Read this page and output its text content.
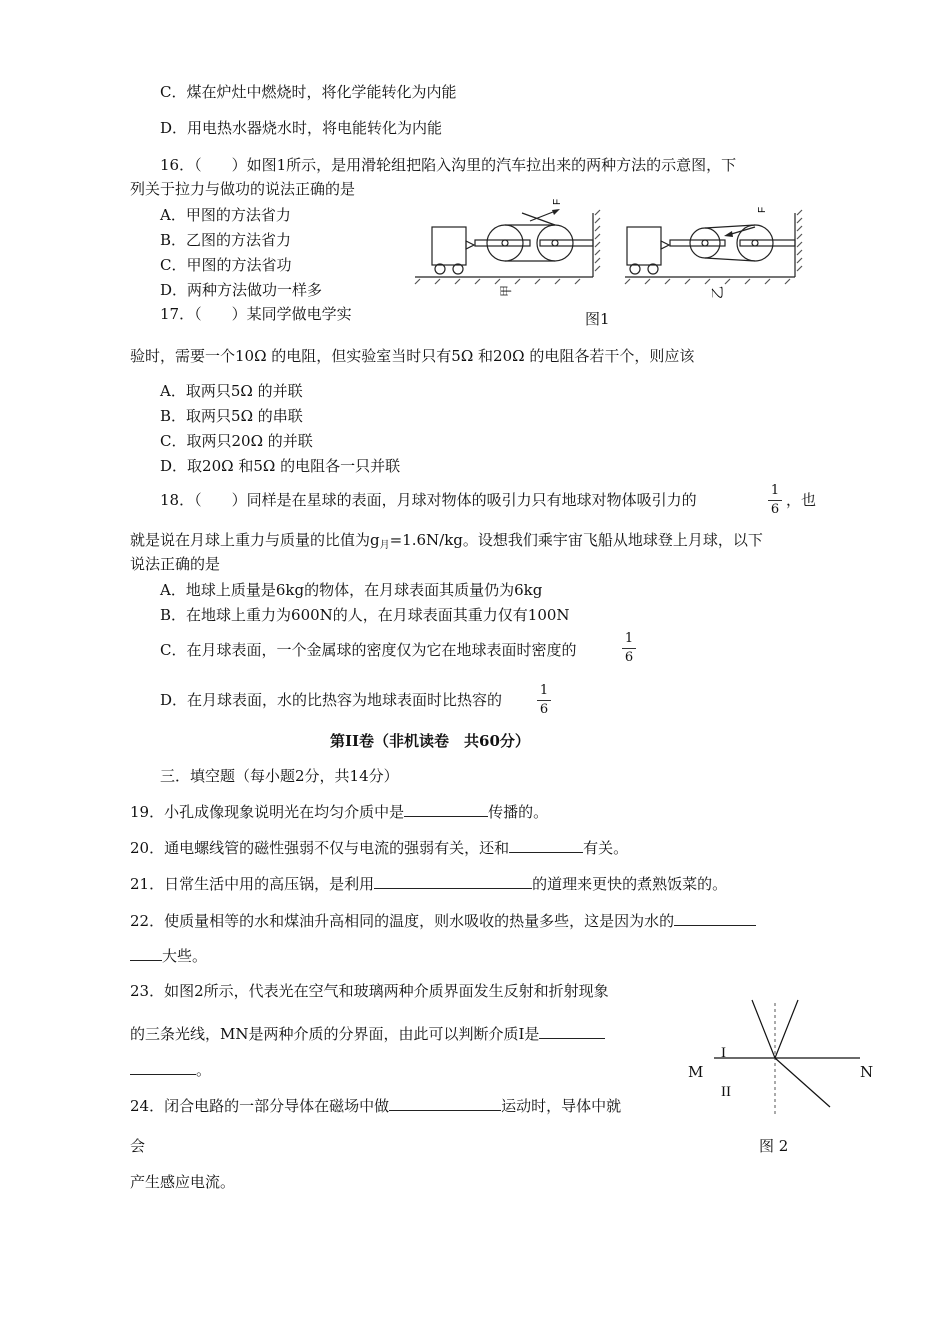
C．煤在炉灶中燃烧时，将化学能转化为内能
D．用电热水器烧水时，将电能转化为内能
16．（　　）如图1所示，是用滑轮组把陷入沟里的汽车拉出来的两种方法的示意图，下
列关于拉力与做功的说法正确的是
A．甲图的方法省力
B．乙图的方法省力
C．甲图的方法省功
D．两种方法做功一样多
F
F
甲	乙
图1
17．（　　）某同学做电学实
验时，需要一个10Ω 的电阻，但实验室当时只有5Ω 和20Ω 的电阻各若干个，则应该
A．取两只5Ω 的并联
B．取两只5Ω 的串联
C．取两只20Ω 的并联
D．取20Ω 和5Ω 的电阻各一只并联
18．（　　）同样是在星球的表面，月球对物体的吸引力只有地球对物体吸引力的
1
6
，也
就是说在月球上重力与质量的比值为$g_月=1.6N/kg$。设想我们乘宇宙飞船从地球登上月球，以下
说法正确的是
A．地球上质量是6kg的物体，在月球表面其质量仍为6kg
B．在地球上重力为600N的人，在月球表面其重力仅有100N
C．在月球表面，一个金属球的密度仅为它在地球表面时密度的
1
6
D．在月球表面，水的比热容为地球表面时比热容的
1
6
第II卷（非机读卷　共60分）
三．填空题（每小题2分，共14分）
19．小孔成像现象说明光在均匀介质中是	传播的。
20．通电螺线管的磁性强弱不仅与电流的强弱有关，还和	有关。
21．日常生活中用的高压锅，是利用	的道理来更快的煮熟饭菜的。
22．使质量相等的水和煤油升高相同的温度，则水吸收的热量多些，这是因为水的
大些。
23．如图2所示，代表光在空气和玻璃两种介质界面发生反射和折射现象
的三条光线，MN是两种介质的分界面，由此可以判断介质I是
。	M	N
I
II
图 2
24．闭合电路的一部分导体在磁场中做	运动时，导体中就
会
产生感应电流。
